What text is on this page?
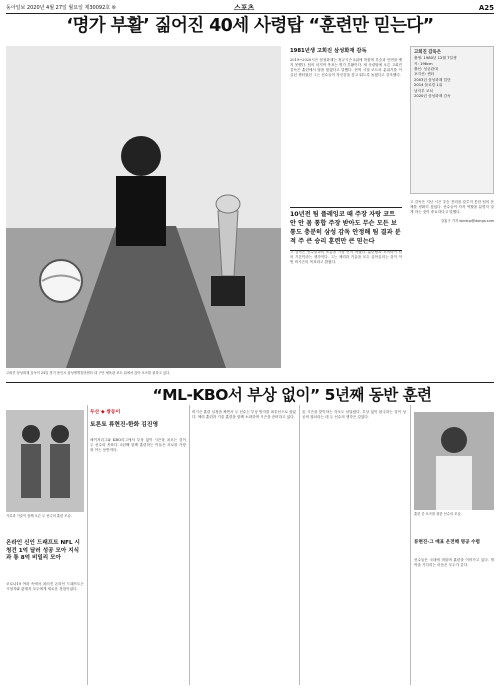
동아일보 2020년 4월 27일 월요일 제30092호 ⑥	스포츠	A25
‘명가 부활’ 짊어진 40세 사령탑 “훈련만 믿는다”
고희진 삼성화재 감독이 24일 경기 용인시 삼성생명휴먼센터 내 구단 체육관 코트 위에서 앉아 포즈를 취하고 있다.
1981년생 고희진 삼성화재 감독
2019~2020시즌 삼성화재는 정규시즌 5위에 머물며 우승과 인연을 맺지 못했다. 팀의 마지막 목표는 명가 부활이다. 새 사령탑에 오른 고희진 감독은 훈련에서 답을 찾겠다고 말했다. 현역 시절 코트의 분위기를 이끌던 센터였던 그는 선수들이 자신감을 갖고 뛰도록 돕겠다고 강조했다.
10년전 팀 플레잉코 때 주장 자랑 코트 안 안 몸 통합 주장 받아도 무슨 모든 보통도 충분히 삼성 감독 안정해 팀 결과 분적 주 큰 승리 훈련만 큰 믿는다
고 감독은 선수들과의 소통을 가장 먼저 꺼냈다. 훈련량과 조직력이 팀의 기본이라는 생각이다. 그는 체력과 기술을 모두 끌어올리는 것이 이번 비시즌의 목표라고 밝혔다.
고희진 감독은
출생: 1980년 12월 7일생
키: 196cm
출신: 성균관대
포지션: 센터
2003년 삼성화재 입단
2014 블로킹 1위
남자부 코치
2020년 삼성화재 감독
고 감독은 지난 시즌 우승 전력을 갖추지 못한 팀의 문제를 정확히 짚었다. 선수들이 각자 역할을 분명히 알게 하는 것이 중요하다고 말했다.
강홍구 기자 windup@donga.com
“ML-KBO서 부상 없이” 5년째 동반 훈련
기록과 기술이 함께 오른 두 선수의 훈련 모습.
온라인 신인 드래프트 NFL 시청건 1억 달러 성공 모아 지식과 통 8억 비밀리 모아
코로나19 여파 속에서 치러진 온라인 드래프트는 시청자와 관계자 모두에게 새로운 경험이었다.
두산 ◆ 쌍둥이
토론토 류현진-한화 김진영
메이저리그와 KBO리그에서 부상 없이 시즌을 치르는 것이 두 선수의 목표다. 5년째 함께 훈련하는 이들은 서로를 가장 잘 아는 동반자다.
비시즌 훈련 일정을 짜면서 두 선수는 부상 방지를 최우선으로 삼았다. 체력 훈련과 기술 훈련을 함께 소화하며 시즌을 준비하고 있다.
올 시즌을 맞이하는 각오도 남달랐다. 부상 없이 완주하는 것이 성공의 열쇠라는 데 두 선수의 생각은 같았다.
훈련 중 포즈를 취한 선수의 모습.
류현진-그 매표 온전해 영공 수렴
선수들은 국내에 머물며 훈련을 이어가고 있다. 개막을 기다리는 마음은 모두가 같다.
